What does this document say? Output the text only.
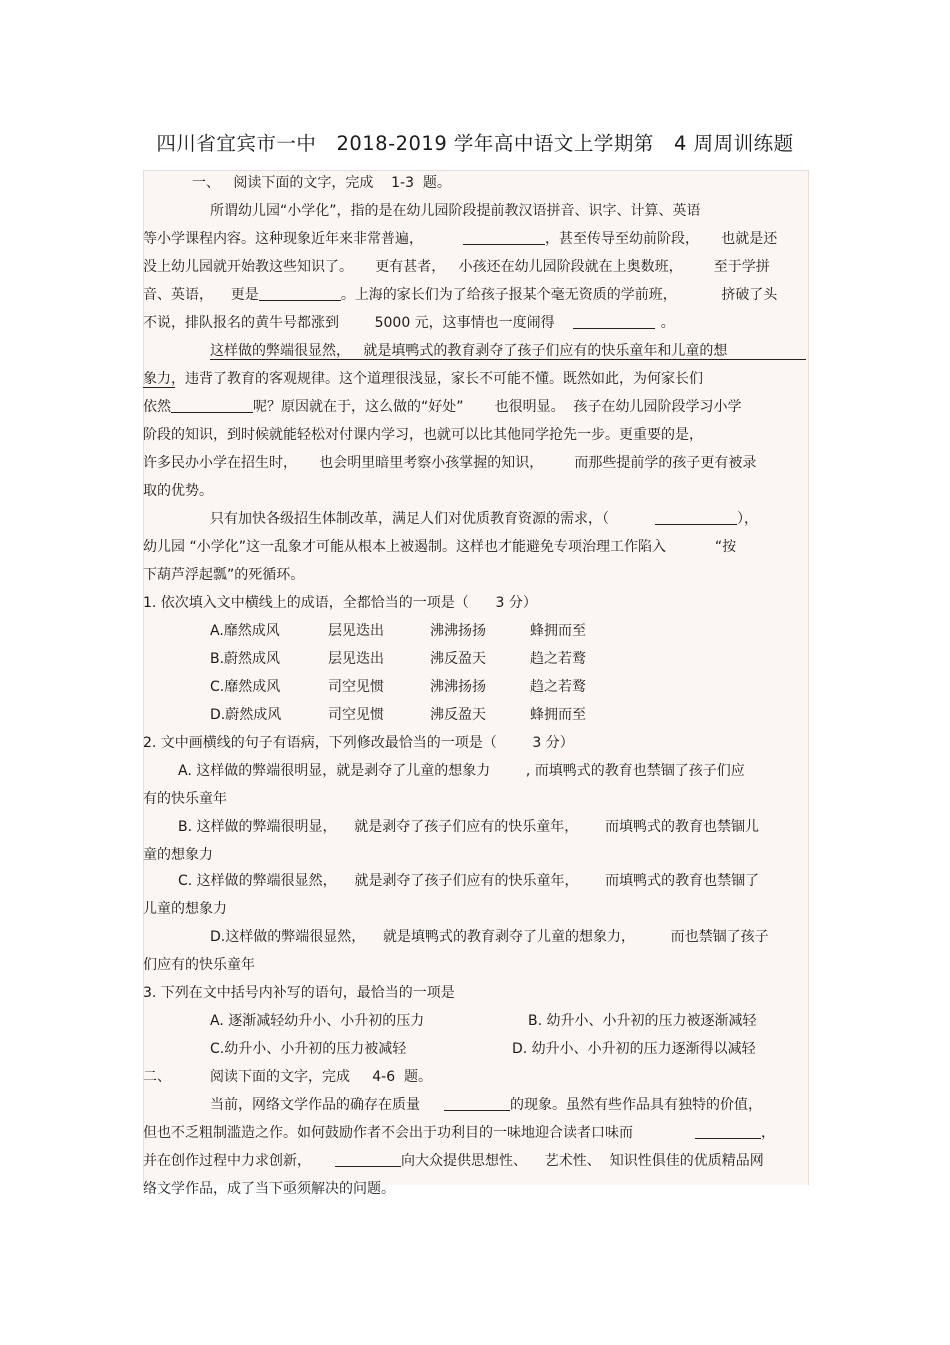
四川省宜宾市一中   2018-2019 学年高中语文上学期第   4 周周训练题
一、   阅读下面的文字，完成    1-3  题。
所谓幼儿园“小学化”，指的是在幼儿园阶段提前教汉语拼音、识字、计算、英语
等小学课程内容。这种现象近年来非常普遍，	，甚至传导至幼前阶段，     也就是还
没上幼儿园就开始教这些知识了。     更有甚者，   小孩还在幼儿园阶段就在上奥数班，       至于学拼
音、英语，    更是	。上海的家长们为了给孩子报某个毫无资质的学前班，          挤破了头
不说，排队报名的黄牛号都涨到        5000 元，这事情也一度闹得	。
这样做的弊端很显然，   就是填鸭式的教育剥夺了孩子们应有的快乐童年和儿童的想
象力，违背了教育的客观规律。这个道理很浅显，家长不可能不懂。既然如此，为何家长们
依然	呢？原因就在于，这么做的“好处”       也很明显。  孩子在幼儿园阶段学习小学
阶段的知识，到时候就能轻松对付课内学习，也就可以比其他同学抢先一步。更重要的是，
许多民办小学在招生时，     也会明里暗里考察小孩掌握的知识，       而那些提前学的孩子更有被录
取的优势。
只有加快各级招生体制改革，满足人们对优质教育资源的需求，（	），
幼儿园 “小学化”这一乱象才可能从根本上被遏制。这样也才能避免专项治理工作陷入           “按
下葫芦浮起瓢”的死循环。
1. 依次填入文中横线上的成语，全都恰当的一项是（      3 分）
A.靡然成风	层见迭出	沸沸扬扬	蜂拥而至
B.蔚然成风	层见迭出	沸反盈天	趋之若鹜
C.靡然成风	司空见惯	沸沸扬扬	趋之若鹜
D.蔚然成风	司空见惯	沸反盈天	蜂拥而至
2. 文中画横线的句子有语病，下列修改最恰当的一项是（        3 分）
A. 这样做的弊端很明显，就是剥夺了儿童的想象力        , 而填鸭式的教育也禁锢了孩子们应
有的快乐童年
B. 这样做的弊端很明显，    就是剥夺了孩子们应有的快乐童年，      而填鸭式的教育也禁锢儿
童的想象力
C. 这样做的弊端很显然，    就是剥夺了孩子们应有的快乐童年，      而填鸭式的教育也禁锢了
儿童的想象力
D.这样做的弊端很显然，    就是填鸭式的教育剥夺了儿童的想象力，        而也禁锢了孩子
们应有的快乐童年
3. 下列在文中括号内补写的语句，最恰当的一项是
A. 逐渐减轻幼升小、小升初的压力	B. 幼升小、小升初的压力被逐渐减轻
C.幼升小、小升初的压力被减轻	D. 幼升小、小升初的压力逐渐得以减轻
二、	阅读下面的文字，完成     4-6  题。
当前，网络文学作品的确存在质量	的现象。虽然有些作品具有独特的价值，
但也不乏粗制滥造之作。如何鼓励作者不会出于功利目的一味地迎合读者口味而	，
并在创作过程中力求创新，	向大众提供思想性、    艺术性、  知识性俱佳的优质精品网
络文学作品，成了当下亟须解决的问题。
